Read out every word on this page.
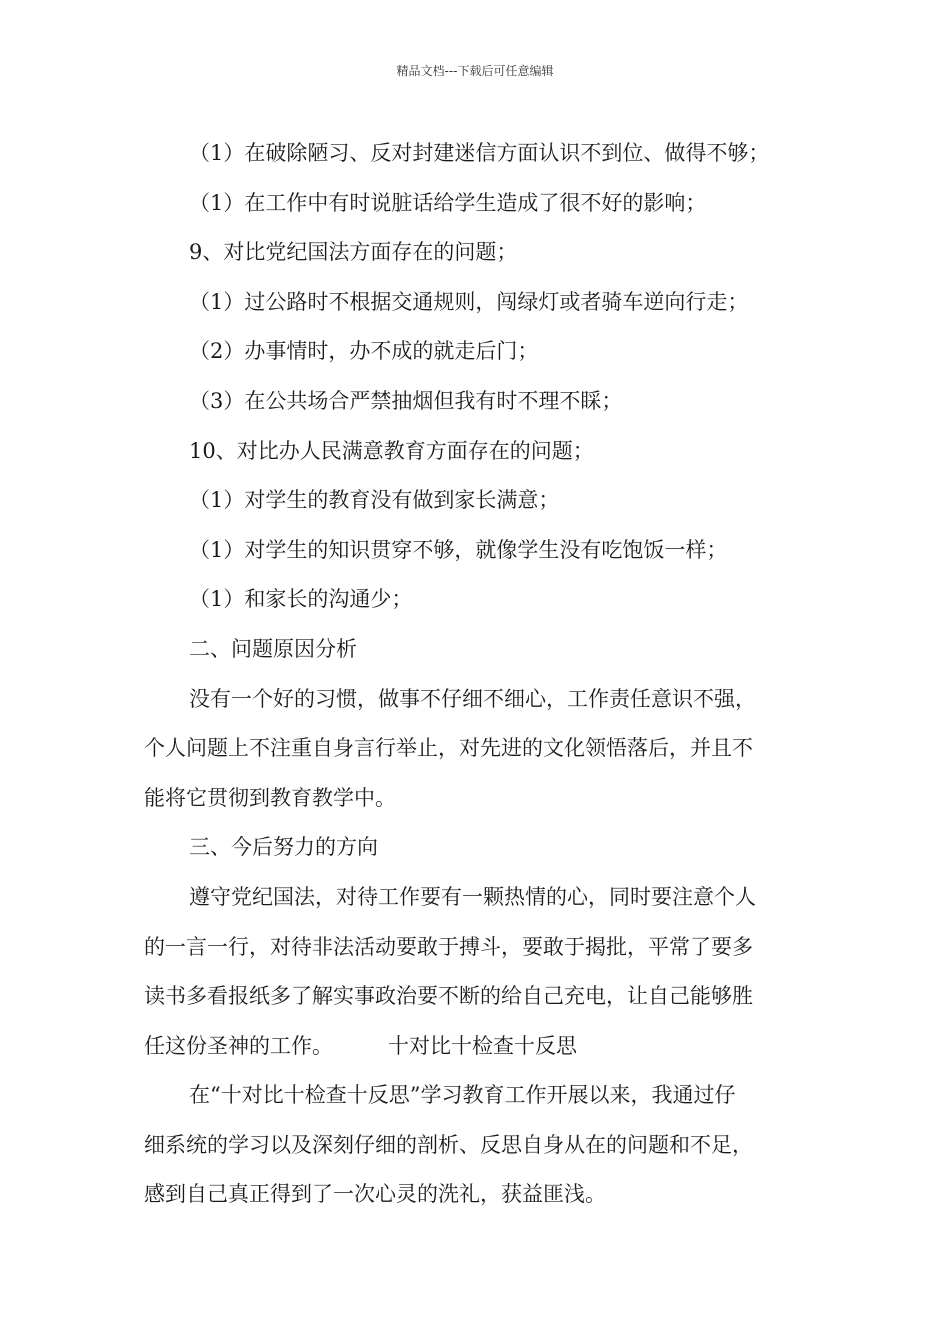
精品文档---下载后可任意编辑
（1）在破除陋习、反对封建迷信方面认识不到位、做得不够；
（1）在工作中有时说脏话给学生造成了很不好的影响；
9、对比党纪国法方面存在的问题；
（1）过公路时不根据交通规则，闯绿灯或者骑车逆向行走；
（2）办事情时，办不成的就走后门；
（3）在公共场合严禁抽烟但我有时不理不睬；
10、对比办人民满意教育方面存在的问题；
（1）对学生的教育没有做到家长满意；
（1）对学生的知识贯穿不够，就像学生没有吃饱饭一样；
（1）和家长的沟通少；
二、问题原因分析
没有一个好的习惯，做事不仔细不细心，工作责任意识不强，
个人问题上不注重自身言行举止，对先进的文化领悟落后，并且不
能将它贯彻到教育教学中。
三、今后努力的方向
遵守党纪国法，对待工作要有一颗热情的心，同时要注意个人
的一言一行，对待非法活动要敢于搏斗，要敢于揭批，平常了要多
读书多看报纸多了解实事政治要不断的给自己充电，让自己能够胜
任这份圣神的工作。	十对比十检查十反思
在“十对比十检查十反思”学习教育工作开展以来，我通过仔
细系统的学习以及深刻仔细的剖析、反思自身从在的问题和不足，
感到自己真正得到了一次心灵的洗礼，获益匪浅。
